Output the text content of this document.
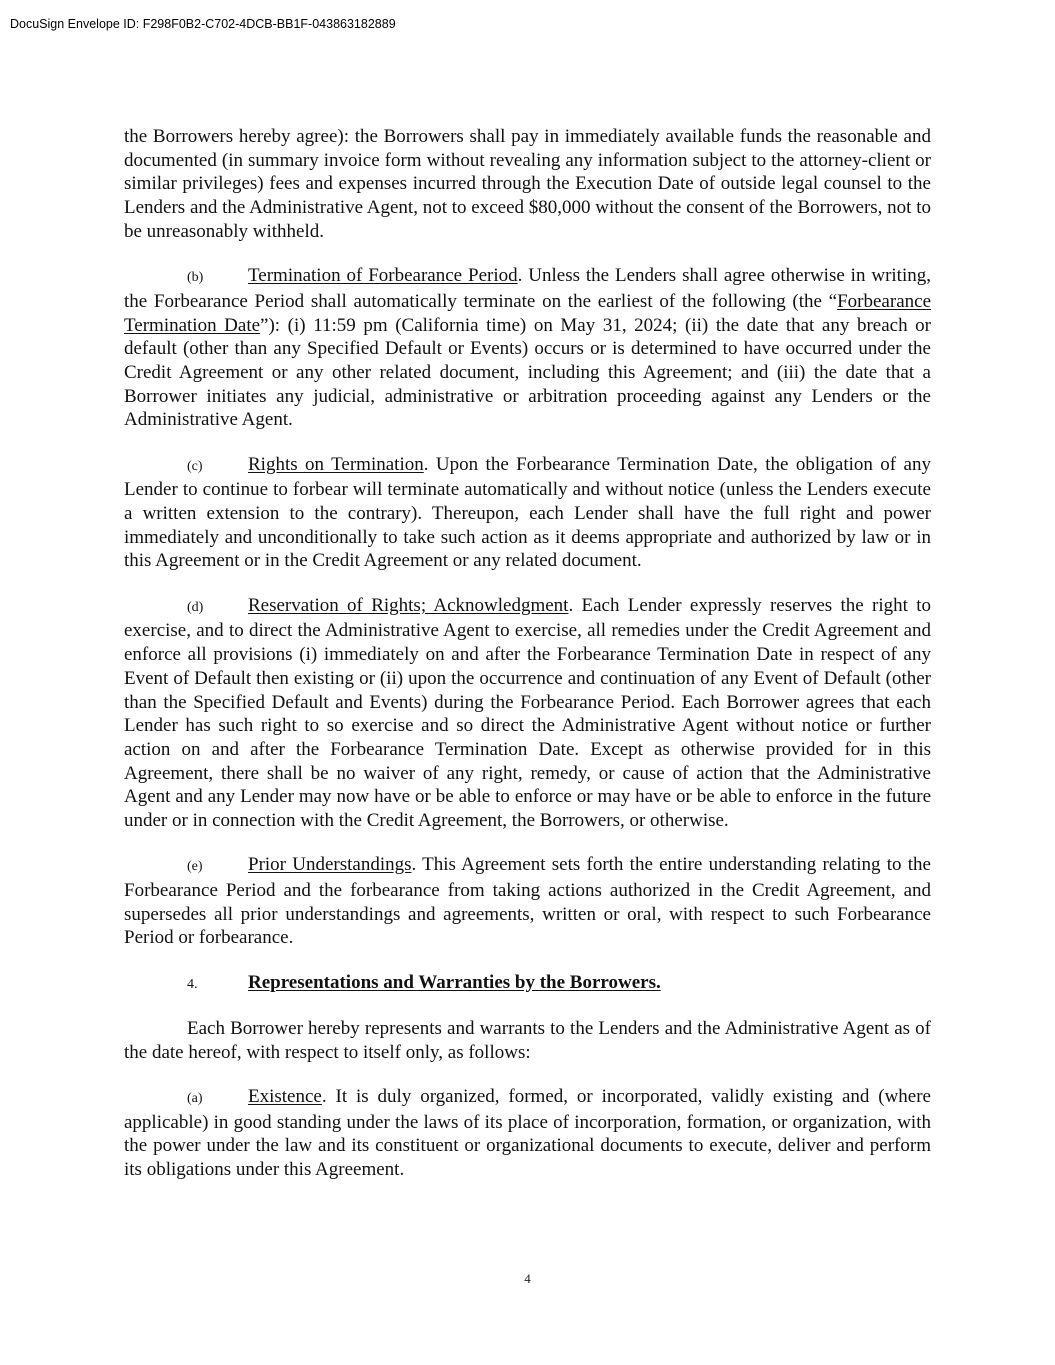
DocuSign Envelope ID: F298F0B2-C702-4DCB-BB1F-043863182889

the Borrowers hereby agree): the Borrowers shall pay in immediately available funds the reasonable and documented (in summary invoice form without revealing any information subject to the attorney-client or similar privileges) fees and expenses incurred through the Execution Date of outside legal counsel to the Lenders and the Administrative Agent, not to exceed $80,000 without the consent of the Borrowers, not to be unreasonably withheld.

(b) Termination of Forbearance Period. Unless the Lenders shall agree otherwise in writing, the Forbearance Period shall automatically terminate on the earliest of the following (the “Forbearance Termination Date”): (i) 11:59 pm (California time) on May 31, 2024; (ii) the date that any breach or default (other than any Specified Default or Events) occurs or is determined to have occurred under the Credit Agreement or any other related document, including this Agreement; and (iii) the date that a Borrower initiates any judicial, administrative or arbitration proceeding against any Lenders or the Administrative Agent.

(c) Rights on Termination. Upon the Forbearance Termination Date, the obligation of any Lender to continue to forbear will terminate automatically and without notice (unless the Lenders execute a written extension to the contrary). Thereupon, each Lender shall have the full right and power immediately and unconditionally to take such action as it deems appropriate and authorized by law or in this Agreement or in the Credit Agreement or any related document.

(d) Reservation of Rights; Acknowledgment. Each Lender expressly reserves the right to exercise, and to direct the Administrative Agent to exercise, all remedies under the Credit Agreement and enforce all provisions (i) immediately on and after the Forbearance Termination Date in respect of any Event of Default then existing or (ii) upon the occurrence and continuation of any Event of Default (other than the Specified Default and Events) during the Forbearance Period. Each Borrower agrees that each Lender has such right to so exercise and so direct the Administrative Agent without notice or further action on and after the Forbearance Termination Date. Except as otherwise provided for in this Agreement, there shall be no waiver of any right, remedy, or cause of action that the Administrative Agent and any Lender may now have or be able to enforce or may have or be able to enforce in the future under or in connection with the Credit Agreement, the Borrowers, or otherwise.

(e) Prior Understandings. This Agreement sets forth the entire understanding relating to the Forbearance Period and the forbearance from taking actions authorized in the Credit Agreement, and supersedes all prior understandings and agreements, written or oral, with respect to such Forbearance Period or forbearance.

4.	Representations and Warranties by the Borrowers.

Each Borrower hereby represents and warrants to the Lenders and the Administrative Agent as of the date hereof, with respect to itself only, as follows:

(a) Existence. It is duly organized, formed, or incorporated, validly existing and (where applicable) in good standing under the laws of its place of incorporation, formation, or organization, with the power under the law and its constituent or organizational documents to execute, deliver and perform its obligations under this Agreement.

4
